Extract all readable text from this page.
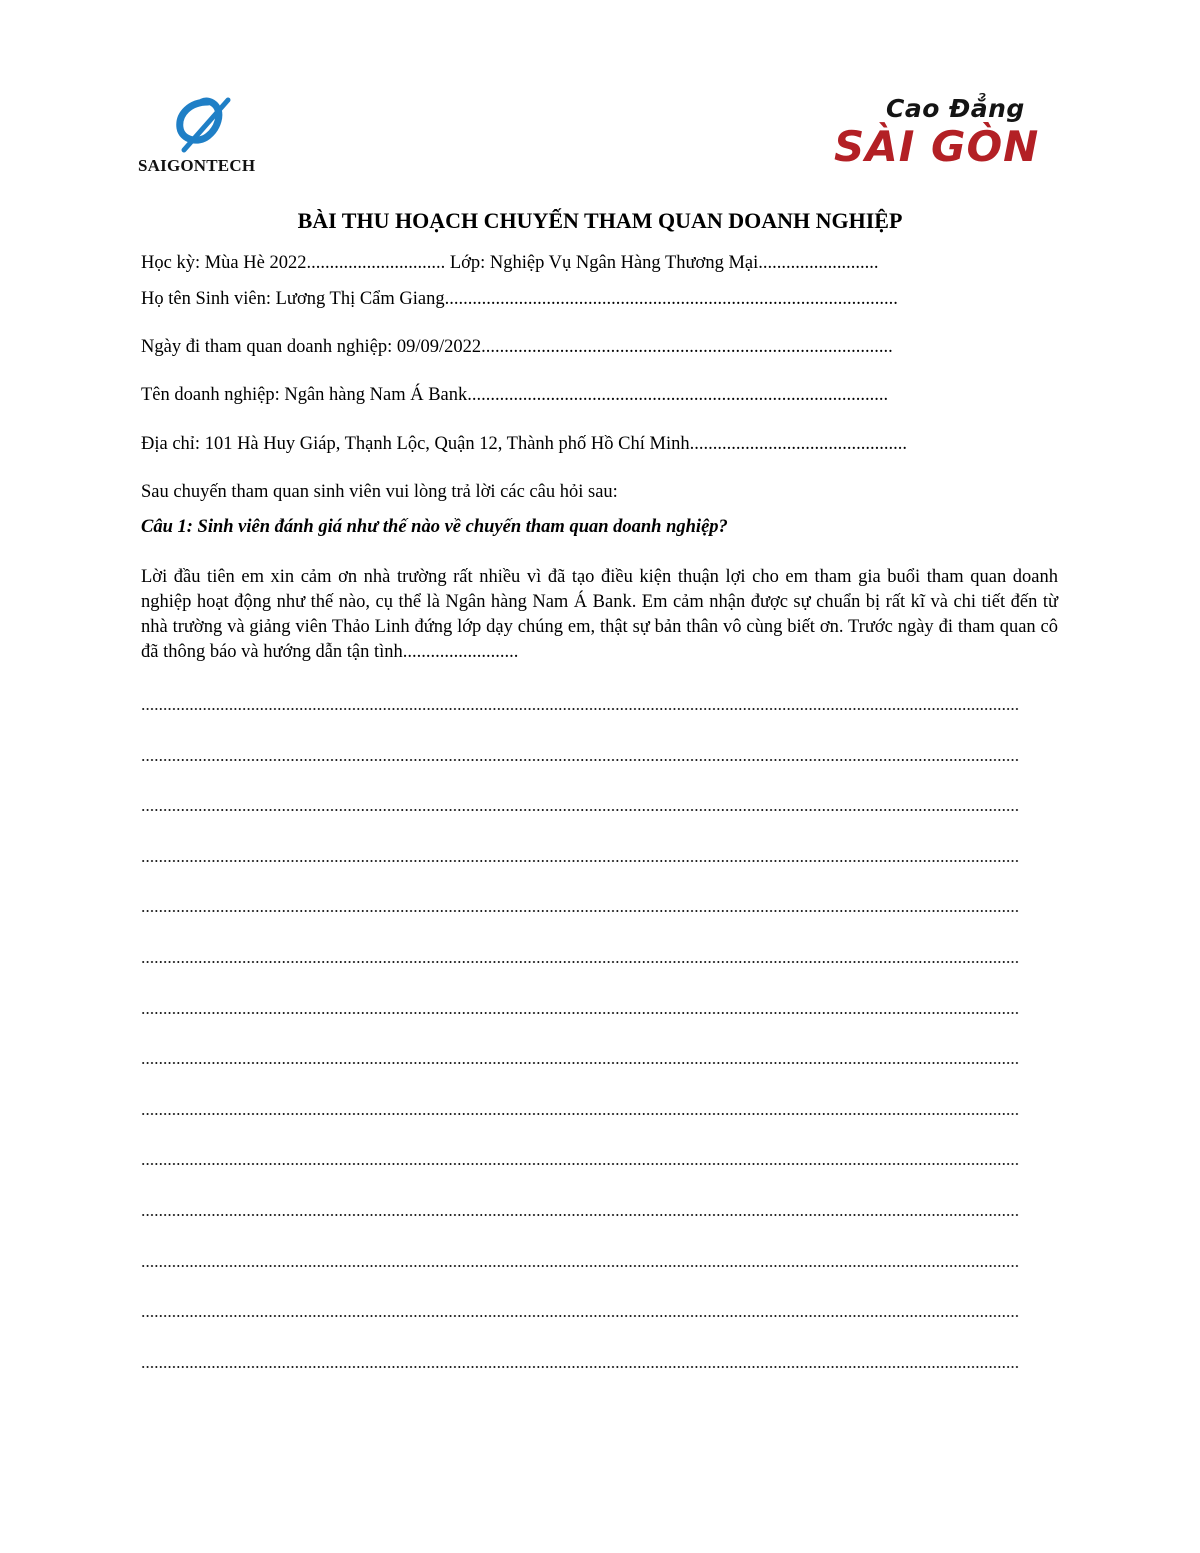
SAIGONTECH
Cao Đẳng
SÀI GÒN
BÀI THU HOẠCH CHUYẾN THAM QUAN DOANH NGHIỆP
Học kỳ: Mùa Hè 2022.............................. Lớp: Nghiệp Vụ Ngân Hàng Thương Mại..........................
Họ tên Sinh viên: Lương Thị Cẩm Giang..................................................................................................
Ngày đi tham quan doanh nghiệp: 09/09/2022.........................................................................................
Tên doanh nghiệp: Ngân hàng Nam Á Bank...........................................................................................
Địa chỉ: 101 Hà Huy Giáp, Thạnh Lộc, Quận 12, Thành phố Hồ Chí Minh...............................................
Sau chuyến tham quan sinh viên vui lòng trả lời các câu hỏi sau:
Câu 1: Sinh viên đánh giá như thế nào về chuyến tham quan doanh nghiệp?
Lời đầu tiên em xin cảm ơn nhà trường rất nhiều vì đã tạo điều kiện thuận lợi cho em tham gia buổi tham quan doanh nghiệp hoạt động như thế nào, cụ thể là Ngân hàng Nam Á Bank. Em cảm nhận được sự chuẩn bị rất kĩ và chi tiết đến từ nhà trường và giảng viên Thảo Linh đứng lớp dạy chúng em, thật sự bản thân vô cùng biết ơn. Trước ngày đi tham quan cô đã thông báo và hướng dẫn tận tình.........................
